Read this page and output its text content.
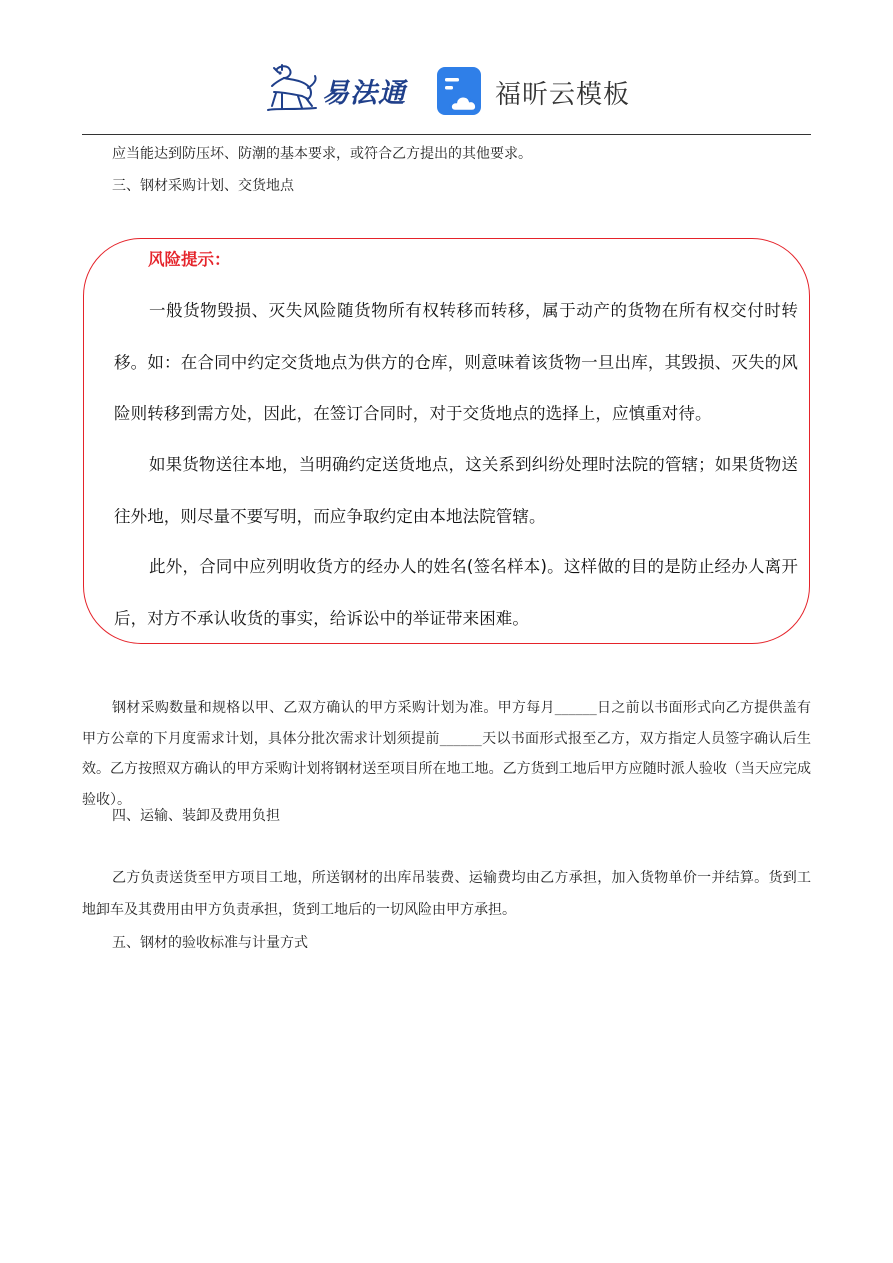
易法通	福昕云模板

应当能达到防压坏、防潮的基本要求，或符合乙方提出的其他要求。

三、钢材采购计划、交货地点

风险提示：

一般货物毁损、灭失风险随货物所有权转移而转移，属于动产的货物在所有权交付时转移。如：在合同中约定交货地点为供方的仓库，则意味着该货物一旦出库，其毁损、灭失的风险则转移到需方处，因此，在签订合同时，对于交货地点的选择上，应慎重对待。

如果货物送往本地，当明确约定送货地点，这关系到纠纷处理时法院的管辖；如果货物送往外地，则尽量不要写明，而应争取约定由本地法院管辖。

此外，合同中应列明收货方的经办人的姓名(签名样本)。这样做的目的是防止经办人离开后，对方不承认收货的事实，给诉讼中的举证带来困难。

钢材采购数量和规格以甲、乙双方确认的甲方采购计划为准。甲方每月______日之前以书面形式向乙方提供盖有甲方公章的下月度需求计划，具体分批次需求计划须提前______天以书面形式报至乙方，双方指定人员签字确认后生效。乙方按照双方确认的甲方采购计划将钢材送至项目所在地工地。乙方货到工地后甲方应随时派人验收（当天应完成验收）。

四、运输、装卸及费用负担

乙方负责送货至甲方项目工地，所送钢材的出库吊装费、运输费均由乙方承担，加入货物单价一并结算。货到工地卸车及其费用由甲方负责承担，货到工地后的一切风险由甲方承担。

五、钢材的验收标准与计量方式
